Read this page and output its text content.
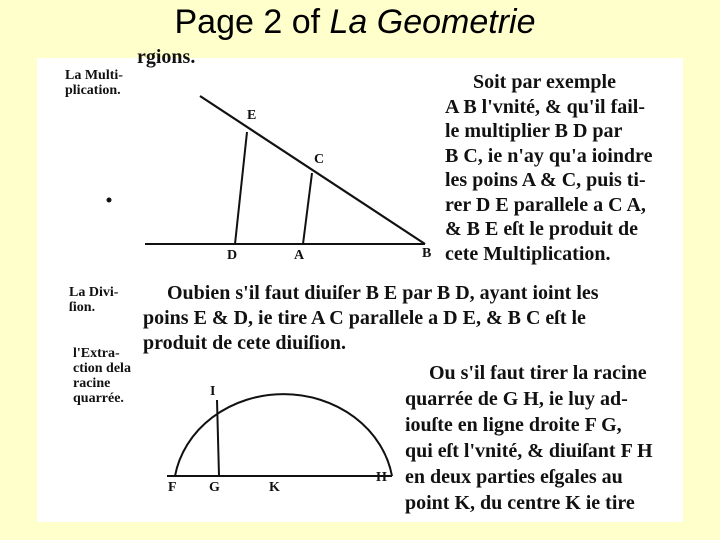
Page 2 of La Geometrie
rgions.
E
C
D	A	B
I
F G	K
H
La Multi-
plication.
La Divi-
ſion.
l'Extra-
ction dela
racine
quarrée.
Soit par exemple
A B l'vnité, & qu'il fail-
le multiplier B D par
B C, ie n'ay qu'a ioindre
les poins A & C, puis ti-
rer D E parallele a C A,
& B E eſt le produit de
cete Multiplication.
Oubien s'il faut diuiſer B E par B D, ayant ioint les
poins E & D, ie tire A C parallele a D E, & B C eſt le
produit de cete diuiſion.
Ou s'il faut tirer la racine
quarrée de G H, ie luy ad-
iouſte en ligne droite F G,
qui eſt l'vnité, & diuiſant F H
en deux parties eſgales au
point K, du centre K ie tire
